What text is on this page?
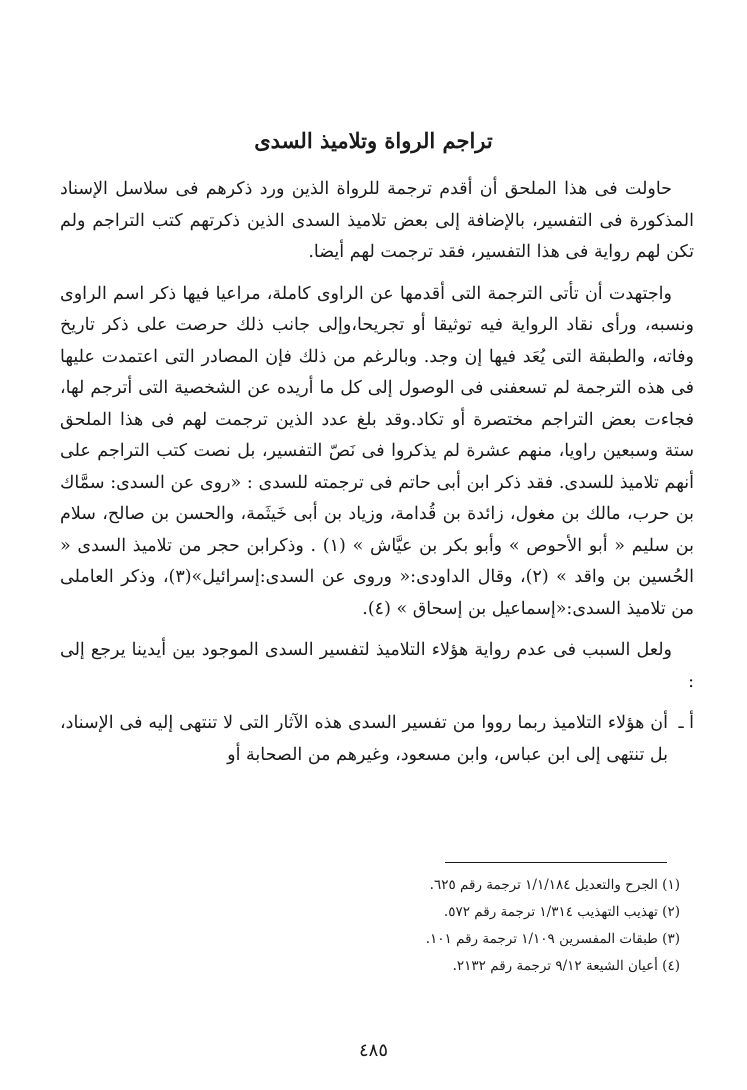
تراجم الرواة وتلاميذ السدى

حاولت فى هذا الملحق أن أقدم ترجمة للرواة الذين ورد ذكرهم فى سلاسل الإسناد المذكورة فى التفسير، بالإضافة إلى بعض تلاميذ السدى الذين ذكرتهم كتب التراجم ولم تكن لهم رواية فى هذا التفسير، فقد ترجمت لهم أيضا.

واجتهدت أن تأتى الترجمة التى أقدمها عن الراوى كاملة، مراعيا فيها ذكر اسم الراوى ونسبه، ورأى نقاد الرواية فيه توثيقا أو تجريحا،وإلى جانب ذلك حرصت على ذكر تاريخ وفاته، والطبقة التى يُعَد فيها إن وجد. وبالرغم من ذلك فإن المصادر التى اعتمدت عليها فى هذه الترجمة لم تسعفنى فى الوصول إلى كل ما أريده عن الشخصية التى أترجم لها، فجاءت بعض التراجم مختصرة أو تكاد.وقد بلغ عدد الذين ترجمت لهم فى هذا الملحق ستة وسبعين راويا، منهم عشرة لم يذكروا فى نَصّ التفسير، بل نصت كتب التراجم على أنهم تلاميذ للسدى. فقد ذكر ابن أبى حاتم فى ترجمته للسدى : «روى عن السدى: سمَّاك بن حرب، مالك بن مغول، زائدة بن قُدامة، وزياد بن أبى خَيثَمة، والحسن بن صالح، سلام بن سليم « أبو الأحوص » وأبو بكر بن عيَّاش » (١) . وذكرابن حجر من تلاميذ السدى « الحُسين بن واقد » (٢)، وقال الداودى:« وروى عن السدى:إسرائيل»(٣)، وذكر العاملى من تلاميذ السدى:«إسماعيل بن إسحاق » (٤).

ولعل السبب فى عدم رواية هؤلاء التلاميذ لتفسير السدى الموجود بين أيدينا يرجع إلى :

أ ـ
أن هؤلاء التلاميذ ربما رووا من تفسير السدى هذه الآثار التى لا تنتهى إليه فى الإسناد، بل تنتهى إلى ابن عباس، وابن مسعود، وغيرهم من الصحابة أو

(١) الجرح والتعديل ١/١/١٨٤ ترجمة رقم ٦٢٥.

(٢) تهذيب التهذيب ١/٣١٤ ترجمة رقم ٥٧٢.

(٣) طبقات المفسرين ١/١٠٩ ترجمة رقم ١٠١.

(٤) أعيان الشيعة ٩/١٢ ترجمة رقم ٢١٣٢.

٤٨٥
